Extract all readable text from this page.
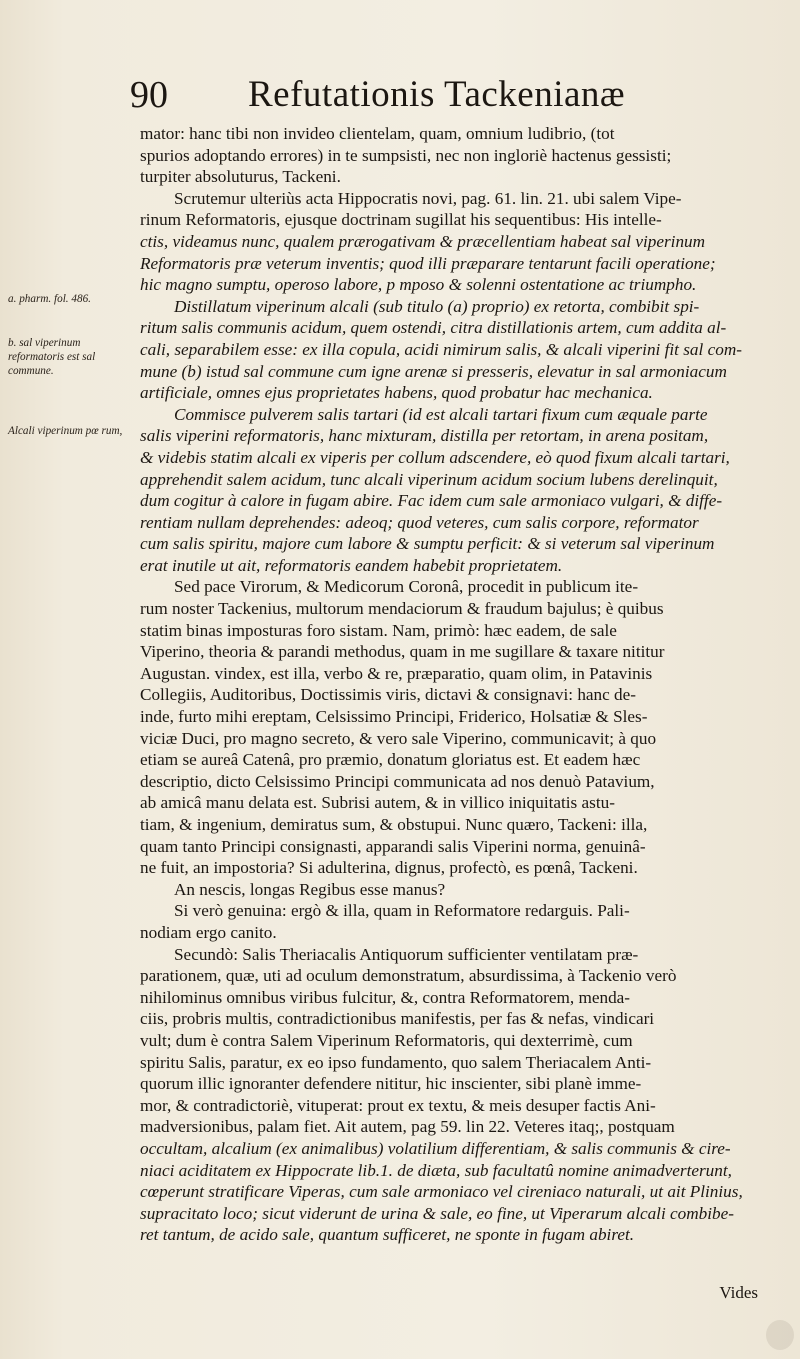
90 Refutationis Tackenianæ
a. pharm. fol. 486.
b. sal viperinum reformatoris est sal commune.
Alcali viperinum pœ rum,
mator: hanc tibi non invideo clientelam, quam, omnium ludibrio, (tot
spurios adoptando errores) in te sumpsisti, nec non ingloriè hactenus gessisti;
turpiter absoluturus, Tackeni.
Scrutemur ulteriùs acta Hippocratis novi, pag. 61. lin. 21. ubi salem Vipe-
rinum Reformatoris, ejusque doctrinam sugillat his sequentibus: His intelle-
ctis, videamus nunc, qualem prærogativam & præcellentiam habeat sal viperinum
Reformatoris præ veterum inventis; quod illi præparare tentarunt facili operatione;
hic magno sumptu, operoso labore, p mposo & solenni ostentatione ac triumpho.
Distillatum viperinum alcali (sub titulo (a) proprio) ex retorta, combibit spi-
ritum salis communis acidum, quem ostendi, citra distillationis artem, cum addita al-
cali, separabilem esse: ex illa copula, acidi nimirum salis, & alcali viperini fit sal com-
mune (b) istud sal commune cum igne arenæ si presseris, elevatur in sal armoniacum
artificiale, omnes ejus proprietates habens, quod probatur hac mechanica.
Commisce pulverem salis tartari (id est alcali tartari fixum cum æquale parte
salis viperini reformatoris, hanc mixturam, distilla per retortam, in arena positam,
& videbis statim alcali ex viperis per collum adscendere, eò quod fixum alcali tartari,
apprehendit salem acidum, tunc alcali viperinum acidum socium lubens derelinquit,
dum cogitur à calore in fugam abire. Fac idem cum sale armoniaco vulgari, & diffe-
rentiam nullam deprehendes: adeoq; quod veteres, cum salis corpore, reformator
cum salis spiritu, majore cum labore & sumptu perficit: & si veterum sal viperinum
erat inutile ut ait, reformatoris eandem habebit proprietatem.
Sed pace Virorum, & Medicorum Coronâ, procedit in publicum ite-
rum noster Tackenius, multorum mendaciorum & fraudum bajulus; è quibus
statim binas imposturas foro sistam. Nam, primò: hæc eadem, de sale
Viperino, theoria & parandi methodus, quam in me sugillare & taxare nititur
Augustan. vindex, est illa, verbo & re, præparatio, quam olim, in Patavinis
Collegiis, Auditoribus, Doctissimis viris, dictavi & consignavi: hanc de-
inde, furto mihi ereptam, Celsissimo Principi, Friderico, Holsatiæ & Sles-
viciæ Duci, pro magno secreto, & vero sale Viperino, communicavit; à quo
etiam se aureâ Catenâ, pro præmio, donatum gloriatus est. Et eadem hæc
descriptio, dicto Celsissimo Principi communicata ad nos denuò Patavium,
ab amicâ manu delata est. Subrisi autem, & in villico iniquitatis astu-
tiam, & ingenium, demiratus sum, & obstupui. Nunc quæro, Tackeni: illa,
quam tanto Principi consignasti, apparandi salis Viperini norma, genuinâ-
ne fuit, an impostoria? Si adulterina, dignus, profectò, es pœnâ, Tackeni.
An nescis, longas Regibus esse manus?
Si verò genuina: ergò & illa, quam in Reformatore redarguis. Pali-
nodiam ergo canito.
Secundò: Salis Theriacalis Antiquorum sufficienter ventilatam præ-
parationem, quæ, uti ad oculum demonstratum, absurdissima, à Tackenio verò
nihilominus omnibus viribus fulcitur, &, contra Reformatorem, menda-
ciis, probris multis, contradictionibus manifestis, per fas & nefas, vindicari
vult; dum è contra Salem Viperinum Reformatoris, qui dexterrimè, cum
spiritu Salis, paratur, ex eo ipso fundamento, quo salem Theriacalem Anti-
quorum illic ignoranter defendere nititur, hic inscienter, sibi planè imme-
mor, & contradictoriè, vituperat: prout ex textu, & meis desuper factis Ani-
madversionibus, palam fiet. Ait autem, pag 59. lin 22. Veteres itaq;, postquam
occultam, alcalium (ex animalibus) volatilium differentiam, & salis communis & cire-
niaci aciditatem ex Hippocrate lib.1. de diæta, sub facultatû nomine animadverterunt,
cœperunt stratificare Viperas, cum sale armoniaco vel cireniaco naturali, ut ait Plinius,
supracitato loco; sicut viderunt de urina & sale, eo fine, ut Viperarum alcali combibe-
ret tantum, de acido sale, quantum sufficeret, ne sponte in fugam abiret.
Vides
